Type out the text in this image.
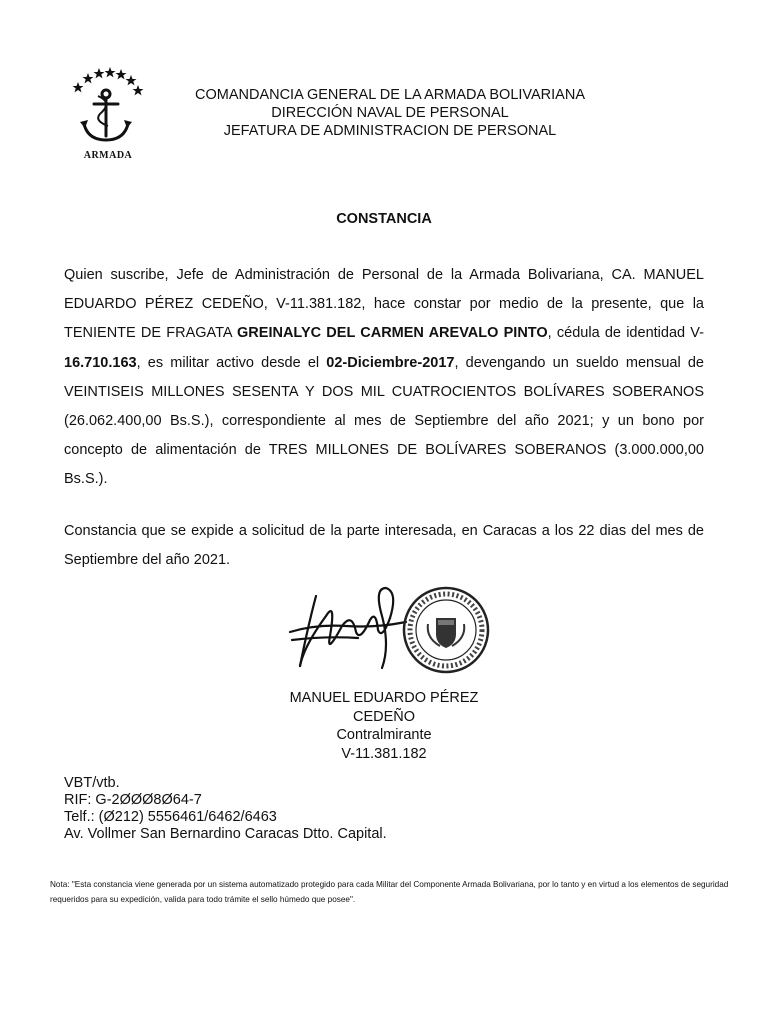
ARMADA
COMANDANCIA GENERAL DE LA ARMADA BOLIVARIANA
DIRECCIÓN NAVAL DE PERSONAL
JEFATURA DE ADMINISTRACION DE PERSONAL
CONSTANCIA
Quien suscribe, Jefe de Administración de Personal de la Armada Bolivariana, CA. MANUEL EDUARDO PÉREZ CEDEÑO, V-11.381.182, hace constar por medio de la presente, que la TENIENTE DE FRAGATA GREINALYC DEL CARMEN AREVALO PINTO, cédula de identidad V-16.710.163, es militar activo desde el 02-Diciembre-2017, devengando un sueldo mensual de VEINTISEIS MILLONES SESENTA Y DOS MIL CUATROCIENTOS BOLÍVARES SOBERANOS (26.062.400,00 Bs.S.), correspondiente al mes de Septiembre del año 2021; y un bono por concepto de alimentación de TRES MILLONES DE BOLÍVARES SOBERANOS (3.000.000,00 Bs.S.).
Constancia que se expide a solicitud de la parte interesada, en Caracas a los 22 dias del mes de Septiembre del año 2021.
MANUEL EDUARDO PÉREZ
CEDEÑO
Contralmirante
V-11.381.182
VBT/vtb.
RIF: G-2ØØØ8Ø64-7
Telf.: (Ø212) 5556461/6462/6463
Av. Vollmer San Bernardino Caracas Dtto. Capital.
Nota: "Esta constancia viene generada por un sistema automatizado protegido para cada Militar del Componente Armada Bolivariana, por lo tanto y en virtud a los elementos de seguridad requeridos para su expedición, valida para todo trámite el sello húmedo que posee".
